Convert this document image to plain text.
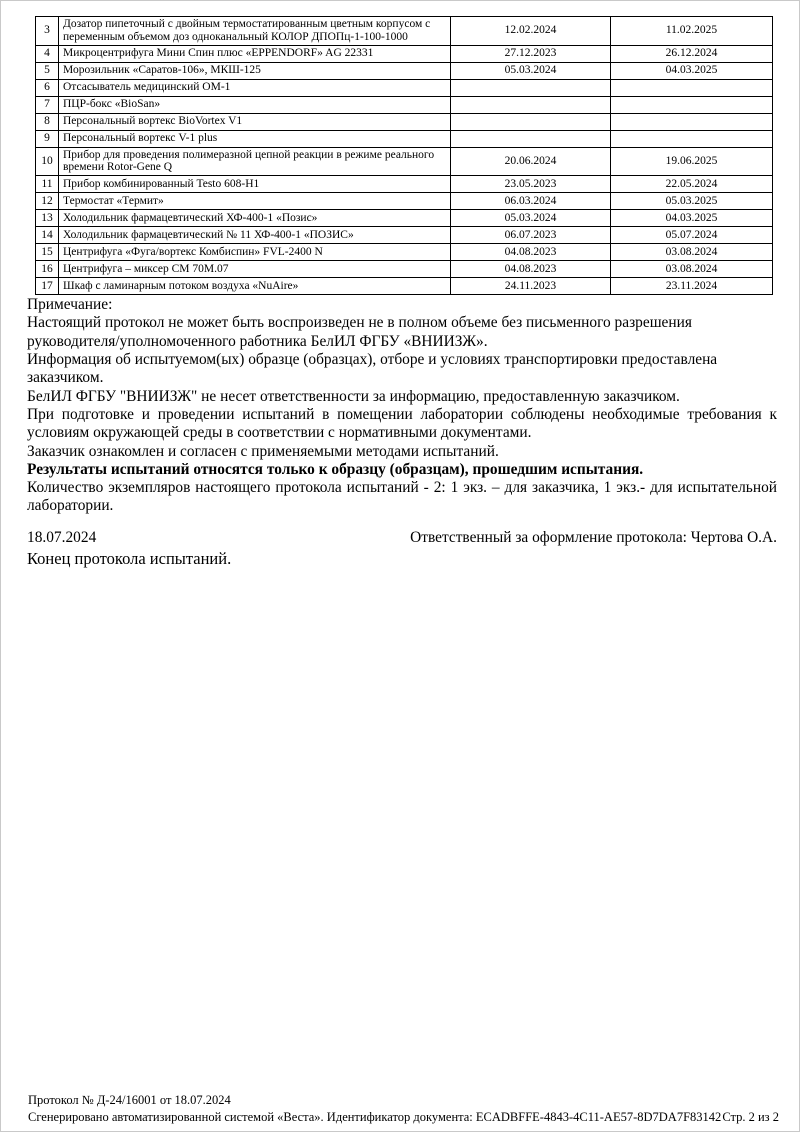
3	Дозатор пипеточный с двойным термостатированным цветным корпусом с переменным объемом доз одноканальный КОЛОР ДПОПц-1-100-1000	12.02.2024	11.02.2025
4	Микроцентрифуга Мини Спин плюс «EPPENDORF» AG 22331	27.12.2023	26.12.2024
5	Морозильник «Саратов-106», МКШ-125	05.03.2024	04.03.2025
6	Отсасыватель медицинский ОМ-1		
7	ПЦР-бокс «BioSan»		
8	Персональный вортекс BioVortex V1		
9	Персональный вортекс V-1 plus		
10	Прибор для проведения полимеразной цепной реакции в режиме реального времени Rotor-Gene Q	20.06.2024	19.06.2025
11	Прибор комбинированный Testo 608-H1	23.05.2023	22.05.2024
12	Термостат «Термит»	06.03.2024	05.03.2025
13	Холодильник фармацевтический ХФ-400-1 «Позис»	05.03.2024	04.03.2025
14	Холодильник фармацевтический № 11 ХФ-400-1 «ПОЗИС»	06.07.2023	05.07.2024
15	Центрифуга «Фуга/вортекс Комбиспин» FVL-2400 N	04.08.2023	03.08.2024
16	Центрифуга – миксер СМ 70М.07	04.08.2023	03.08.2024
17	Шкаф с ламинарным потоком воздуха «NuAire»	24.11.2023	23.11.2024
Примечание:
Настоящий протокол не может быть воспроизведен не в полном объеме без письменного разрешения руководителя/уполномоченного работника БелИЛ ФГБУ «ВНИИЗЖ».
Информация об испытуемом(ых) образце (образцах), отборе и условиях транспортировки предоставлена заказчиком.
БелИЛ ФГБУ "ВНИИЗЖ" не несет ответственности за информацию, предоставленную заказчиком.
При подготовке и проведении испытаний в помещении лаборатории соблюдены необходимые требования к условиям окружающей среды в соответствии с нормативными документами.
Заказчик ознакомлен и согласен с применяемыми методами испытаний.
Результаты испытаний относятся только к образцу (образцам), прошедшим испытания.
Количество экземпляров настоящего протокола испытаний - 2: 1 экз. – для заказчика, 1 экз.- для испытательной лаборатории.
18.07.2024	Ответственный за оформление протокола: Чертова О.А.
Конец протокола испытаний.
Протокол № Д-24/16001 от 18.07.2024
Сгенерировано автоматизированной системой «Веста». Идентификатор документа: ECADBFFE-4843-4C11-AE57-8D7DA7F83142 Стр. 2 из 2
